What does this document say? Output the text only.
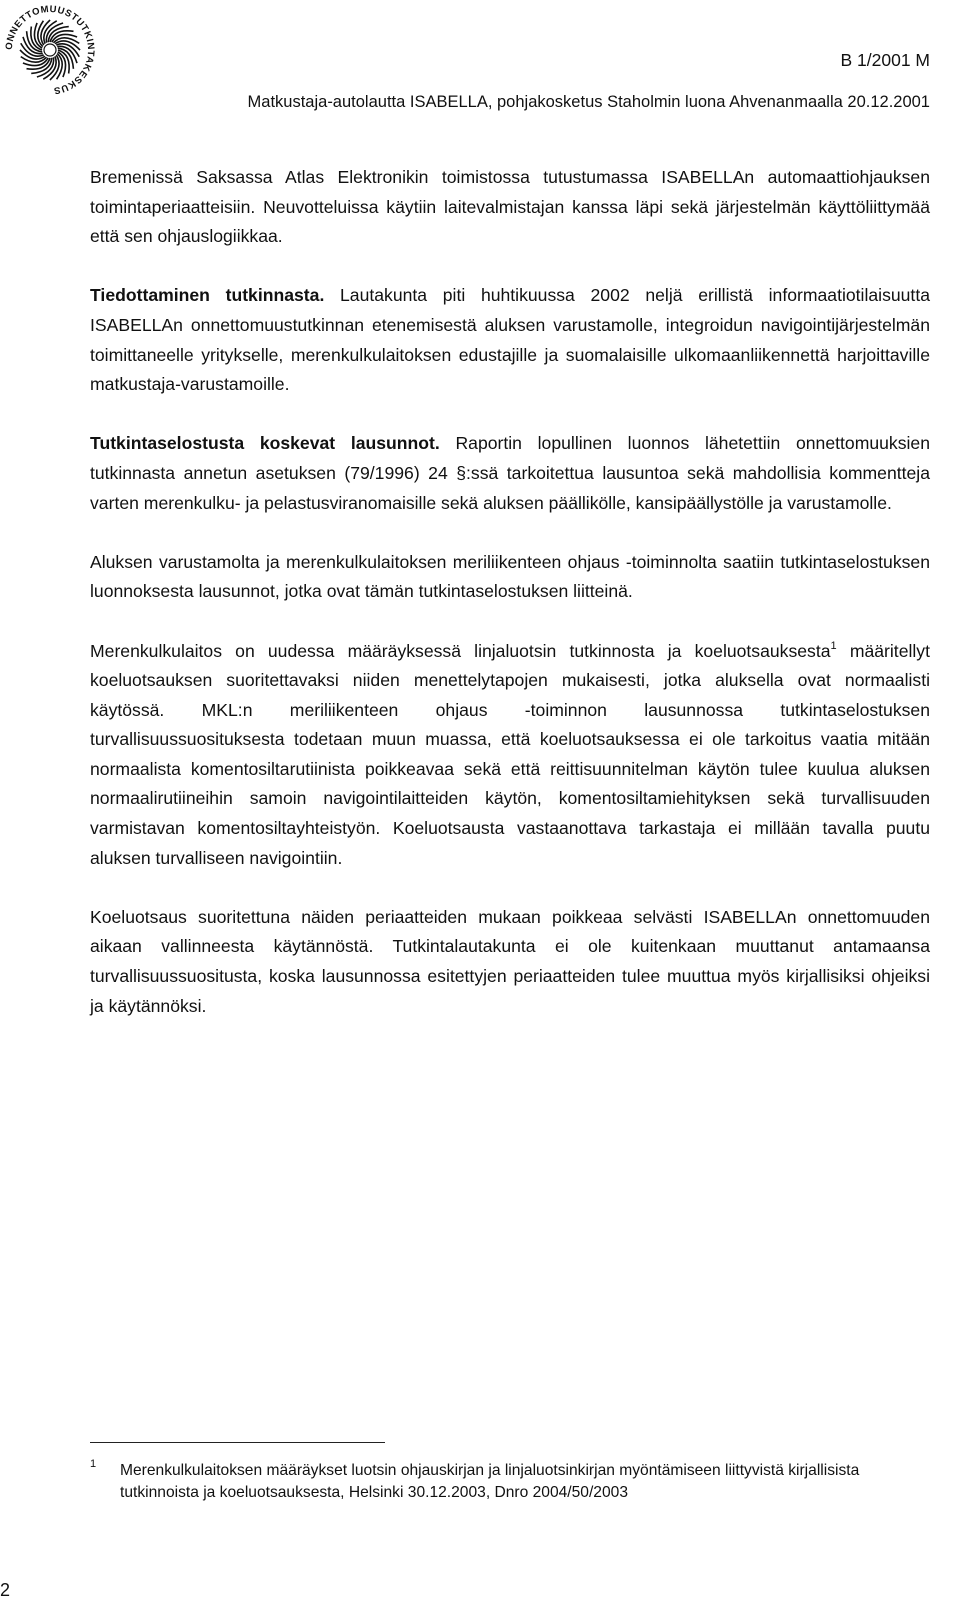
ONNETTOMUUSTUTKINTAKESKUS
B 1/2001 M
Matkustaja-autolautta ISABELLA, pohjakosketus Staholmin luona Ahvenanmaalla 20.12.2001

Bremenissä Saksassa Atlas Elektronikin toimistossa tutustumassa ISABELLAn automaattiohjauksen toimintaperiaatteisiin. Neuvotteluissa käytiin laitevalmistajan kanssa läpi sekä järjestelmän käyttöliittymää että sen ohjauslogiikkaa.

Tiedottaminen tutkinnasta. Lautakunta piti huhtikuussa 2002 neljä erillistä informaatiotilaisuutta ISABELLAn onnettomuustutkinnan etenemisestä aluksen varustamolle, integroidun navigointijärjestelmän toimittaneelle yritykselle, merenkulkulaitoksen edustajille ja suomalaisille ulkomaanliikennettä harjoittaville matkustaja-varustamoille.

Tutkintaselostusta koskevat lausunnot. Raportin lopullinen luonnos lähetettiin onnettomuuksien tutkinnasta annetun asetuksen (79/1996) 24 §:ssä tarkoitettua lausuntoa sekä mahdollisia kommentteja varten merenkulku- ja pelastusviranomaisille sekä aluksen päällikölle, kansipäällystölle ja varustamolle.

Aluksen varustamolta ja merenkulkulaitoksen meriliikenteen ohjaus -toiminnolta saatiin tutkintaselostuksen luonnoksesta lausunnot, jotka ovat tämän tutkintaselostuksen liitteinä.

Merenkulkulaitos on uudessa määräyksessä linjaluotsin tutkinnosta ja koeluotsauksesta$^1$ määritellyt koeluotsauksen suoritettavaksi niiden menettelytapojen mukaisesti, jotka aluksella ovat normaalisti käytössä. MKL:n meriliikenteen ohjaus -toiminnon lausunnossa tutkintaselostuksen turvallisuussuosituksesta todetaan muun muassa, että koeluotsauksessa ei ole tarkoitus vaatia mitään normaalista komentosiltarutiinista poikkeavaa sekä että reittisuunnitelman käytön tulee kuulua aluksen normaalirutiineihin samoin navigointilaitteiden käytön, komentosiltamiehityksen sekä turvallisuuden varmistavan komentosiltayhteistyön. Koeluotsausta vastaanottava tarkastaja ei millään tavalla puutu aluksen turvalliseen navigointiin.

Koeluotsaus suoritettuna näiden periaatteiden mukaan poikkeaa selvästi ISABELLAn onnettomuuden aikaan vallinneesta käytännöstä. Tutkintalautakunta ei ole kuitenkaan muuttanut antamaansa turvallisuussuositusta, koska lausunnossa esitettyjen periaatteiden tulee muuttua myös kirjallisiksi ohjeiksi ja käytännöksi.

1 Merenkulkulaitoksen määräykset luotsin ohjauskirjan ja linjaluotsinkirjan myöntämiseen liittyvistä kirjallisista tutkinnoista ja koeluotsauksesta, Helsinki 30.12.2003, Dnro 2004/50/2003
2
